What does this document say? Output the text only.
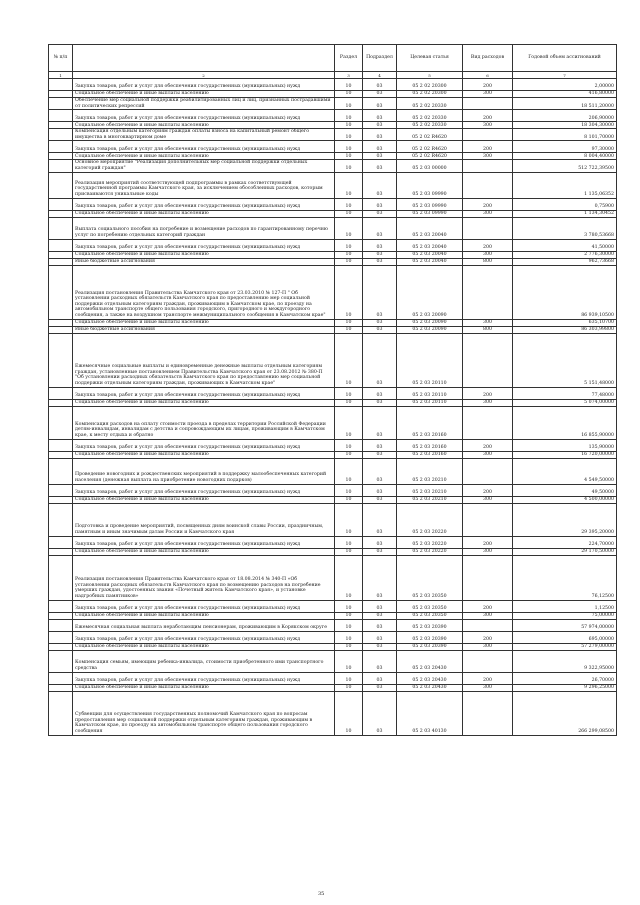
№ п/п		Раздел	Подраздел	Целевая статья	Вид расходов	Годовой объем ассигнований
1	2	3	4	5	6	7
	Закупка товаров, работ и услуг для обеспечения государственных (муниципальных) нужд	10	03	05 2 02 20300	200	2,00000
	Социальное обеспечение и иные выплаты населению	10	03	05 2 02 20300	300	416,80000
	Обеспечение мер социальной поддержки реабилитированных лиц и лиц, признанных пострадавшими от политических репрессий	10	03	05 2 02 20330		18 511,20000
	Закупка товаров, работ и услуг для обеспечения государственных (муниципальных) нужд	10	03	05 2 02 20330	200	206,90000
	Социальное обеспечение и иные выплаты населению	10	03	05 2 02 20330	300	18 304,30000
	Компенсация отдельным категориям граждан оплаты взноса на капитальный ремонт общего имущества в многоквартирном доме	10	03	05 2 02 R4620		8 101,70000
	Закупка товаров, работ и услуг для обеспечения государственных (муниципальных) нужд	10	03	05 2 02 R4620	200	97,30000
	Социальное обеспечение и иные выплаты населению	10	03	05 2 02 R4620	300	8 004,40000
	Основное мероприятие "Реализация дополнительных мер социальной поддержки отдельных категорий граждан"	10	03	05 2 03 00000		512 722,39500
	Реализация мероприятий соответствующей подпрограммы в рамках соответствующей государственной программы Камчатского края, за исключением обособленных расходов, которым присваиваются уникальные коды	10	03	05 2 03 09990		1 135,06352
	Закупка товаров, работ и услуг для обеспечения государственных (муниципальных) нужд	10	03	05 2 03 09990	200	0,75900
	Социальное обеспечение и иные выплаты населению	10	03	05 2 03 09990	300	1 134,30452
	Выплата социального пособия на погребение и возмещение расходов по гарантированному перечню услуг по погребению отдельных категорий граждан	10	03	05 2 03 20040		3 780,53668
	Закупка товаров, работ и услуг для обеспечения государственных (муниципальных) нужд	10	03	05 2 03 20040	200	41,50000
	Социальное обеспечение и иные выплаты населению	10	03	05 2 03 20040	300	2 776,30000
	Иные бюджетные ассигнования	10	03	05 2 03 20040	800	962,73668
	Реализация постановления Правительства Камчатского края от 23.03.2010 № 127-П " Об установлении расходных обязательств Камчатского края по предоставлению мер социальной поддержки отдельным категориям граждан, проживающим в Камчатском крае, по проезду на автомобильном транспорте общего пользования городского, пригородного и междугородного сообщения, а также на воздушном транспорте межмуниципального сообщения в Камчатском крае"	10	03	05 2 03 20090		86 939,10500
	Социальное обеспечение и иные выплаты населению	10	03	05 2 03 20090	300	635,10700
	Иные бюджетные ассигнования	10	03	05 2 03 20090	800	86 303,99800
	Ежемесячные социальные выплаты и единовременные денежные выплаты отдельным категориям граждан, установленные постановлением Правительства Камчатского края от 23.08.2012 № 380-П "Об установлении расходных обязательств Камчатского края по предоставлению мер социальной поддержки отдельным категориям граждан, проживающих в Камчатском крае"	10	03	05 2 03 20110		5 151,48000
	Закупка товаров, работ и услуг для обеспечения государственных (муниципальных) нужд	10	03	05 2 03 20110	200	77,48000
	Социальное обеспечение и иные выплаты населению	10	03	05 2 03 20110	300	5 074,00000
	Компенсация расходов на оплату стоимости проезда в пределах территории Российской Федерации детям-инвалидам, инвалидам с детства и сопровождающим их лицам, проживающим в Камчатском крае, к месту отдыха и обратно	10	03	05 2 03 20160		16 855,90000
	Закупка товаров, работ и услуг для обеспечения государственных (муниципальных) нужд	10	03	05 2 03 20160	200	135,90000
	Социальное обеспечение и иные выплаты населению	10	03	05 2 03 20160	300	16 720,00000
	Проведение новогодних и рождественских мероприятий в поддержку малообеспеченных категорий населения (денежная выплата на приобретение новогодних подарков)	10	03	05 2 03 20210		4 549,50000
	Закупка товаров, работ и услуг для обеспечения государственных (муниципальных) нужд	10	03	05 2 03 20210	200	49,50000
	Социальное обеспечение и иные выплаты населению	10	03	05 2 03 20210	300	4 500,00000
	Подготовка и проведение мероприятий, посвященных дням воинской славы России, праздничным, памятным и иным значимым датам России и Камчатского края	10	03	05 2 03 20220		29 395,20000
	Закупка товаров, работ и услуг для обеспечения государственных (муниципальных) нужд	10	03	05 2 03 20220	200	224,70000
	Социальное обеспечение и иные выплаты населению	10	03	05 2 03 20220	300	29 170,50000
	Реализация постановления Правительства Камчатского края от 18.08.2014 № 340-П «Об установлении расходных обязательств Камчатского края по возмещению расходов на погребение умерших граждан, удостоенных звания «Почетный житель Камчатского края», и установке надгробных памятников»	10	03	05 2 03 20350		76,12500
	Закупка товаров, работ и услуг для обеспечения государственных (муниципальных) нужд	10	03	05 2 03 20350	200	1,12500
	Социальное обеспечение и иные выплаты населению	10	03	05 2 03 20350	300	75,00000
	Ежемесячная социальная выплата неработающим пенсионерам, проживающим в Корякском округе	10	03	05 2 03 20390		57 974,00000
	Закупка товаров, работ и услуг для обеспечения государственных (муниципальных) нужд	10	03	05 2 03 20390	200	695,00000
	Социальное обеспечение и иные выплаты населению	10	03	05 2 03 20390	300	57 279,00000
	Компенсация семьям, имеющим ребенка-инвалида, стоимости приобретенного ими транспортного средства	10	03	05 2 03 20430		9 322,95000
	Закупка товаров, работ и услуг для обеспечения государственных (муниципальных) нужд	10	03	05 2 03 20430	200	26,70000
	Социальное обеспечение и иные выплаты населению	10	03	05 2 03 20430	300	9 296,25000
	Субвенции для осуществления государственных полномочий Камчатского края по вопросам предоставления мер социальной поддержки отдельным категориям граждан, проживающим в Камчатском крае, по проезду на автомобильном транспорте общего пользования городского сообщения	10	03	05 2 03 40130		266 299,08500
35
